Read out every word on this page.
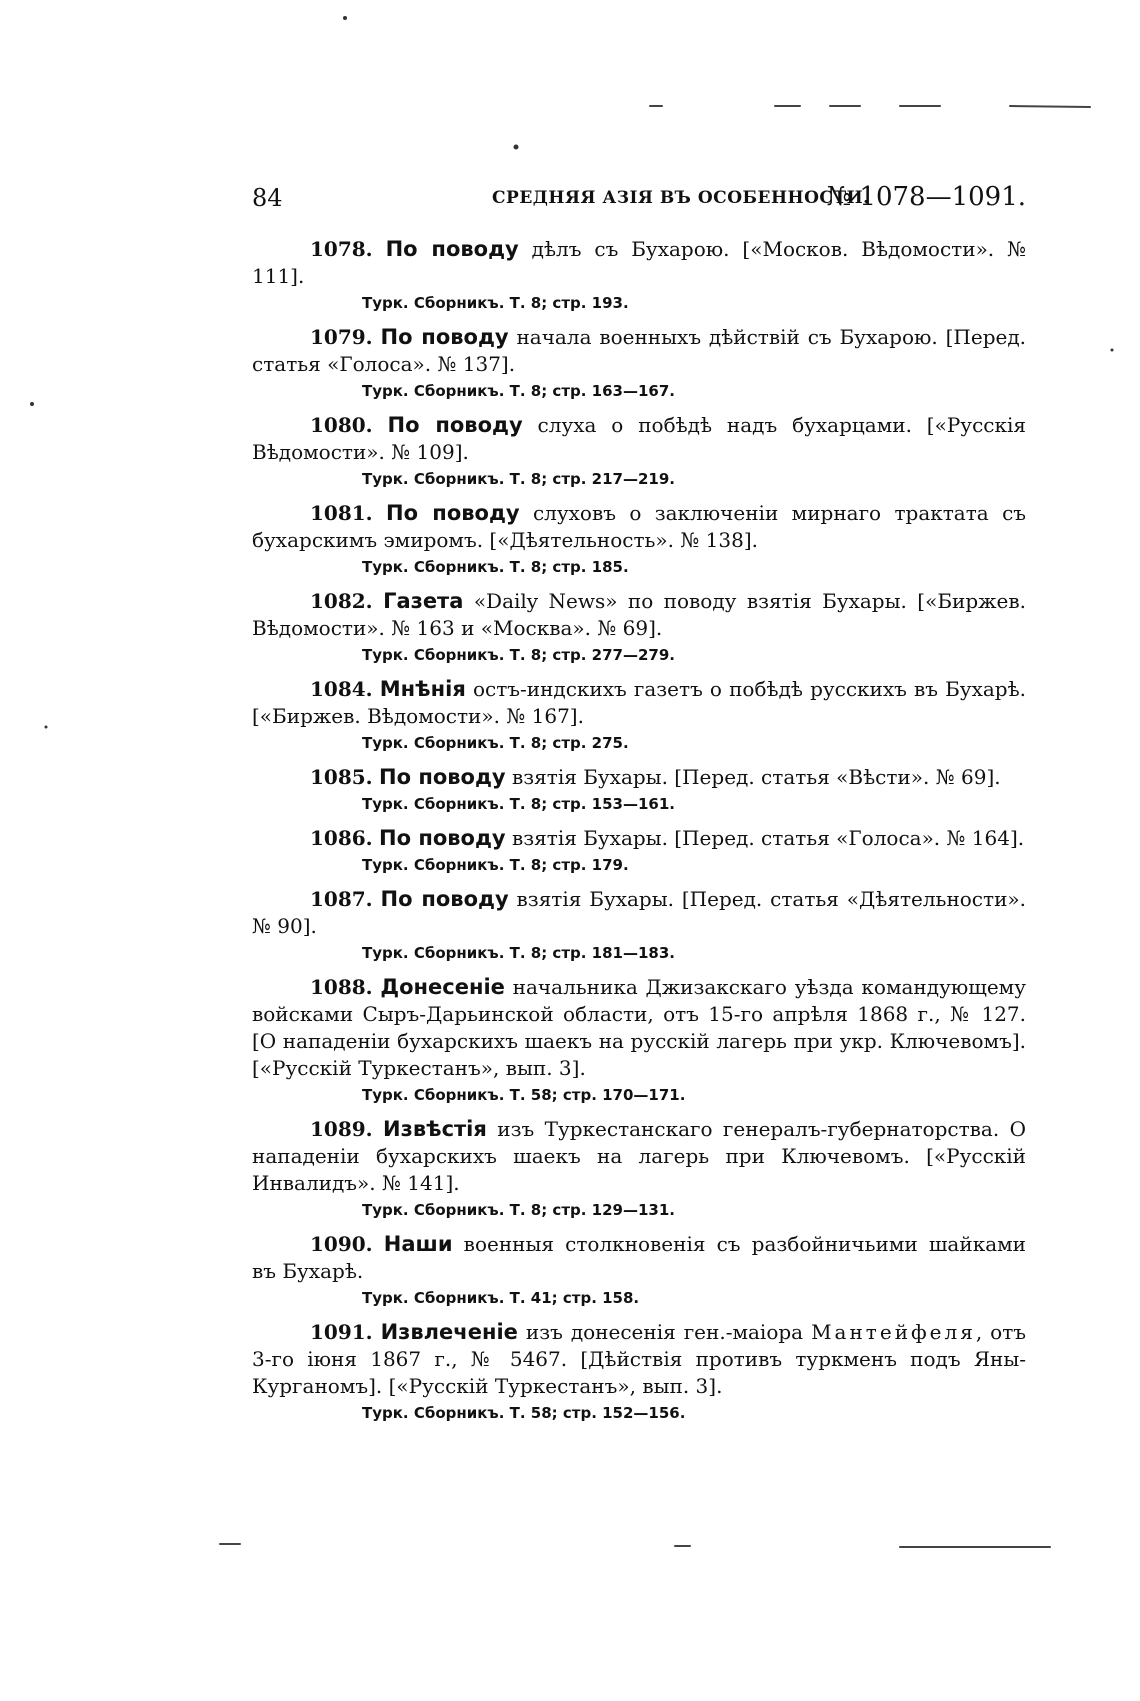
84	СРЕДНЯЯ АЗІЯ ВЪ ОСОБЕННОСТИ.
№ 1078—1091.

1078. По поводу дѣлъ съ Бухарою. [«Москов. Вѣдомости». № 111].

Турк. Сборникъ. Т. 8; стр. 193.

1079. По поводу начала военныхъ дѣйствій съ Бухарою. [Перед. статья «Голоса». № 137].

Турк. Сборникъ. Т. 8; стр. 163—167.

1080. По поводу слуха о побѣдѣ надъ бухарцами. [«Русскія Вѣдомости». № 109].

Турк. Сборникъ. Т. 8; стр. 217—219.

1081. По поводу слуховъ о заключеніи мирнаго трактата съ бухарскимъ эмиромъ. [«Дѣятельность». № 138].

Турк. Сборникъ. Т. 8; стр. 185.

1082. Газета «Daily News» по поводу взятія Бухары. [«Биржев. Вѣдомости». № 163 и «Москва». № 69].

Турк. Сборникъ. Т. 8; стр. 277—279.

1084. Мнѣнія остъ-индскихъ газетъ о побѣдѣ русскихъ въ Бухарѣ. [«Биржев. Вѣдомости». № 167].

Турк. Сборникъ. Т. 8; стр. 275.

1085. По поводу взятія Бухары. [Перед. статья «Вѣсти». № 69].

Турк. Сборникъ. Т. 8; стр. 153—161.

1086. По поводу взятія Бухары. [Перед. статья «Голоса». № 164].

Турк. Сборникъ. Т. 8; стр. 179.

1087. По поводу взятія Бухары. [Перед. статья «Дѣятельности». № 90].

Турк. Сборникъ. Т. 8; стр. 181—183.

1088. Донесеніе начальника Джизакскаго уѣзда командующему войсками Сыръ-Дарьинской области, отъ 15-го апрѣля 1868 г., № 127. [О нападеніи бухарскихъ шаекъ на русскій лагерь при укр. Ключевомъ]. [«Русскій Туркестанъ», вып. 3].

Турк. Сборникъ. Т. 58; стр. 170—171.

1089. Извѣстія изъ Туркестанскаго генералъ-губернаторства. О нападеніи бухарскихъ шаекъ на лагерь при Ключевомъ. [«Русскій Инвалидъ». № 141].

Турк. Сборникъ. Т. 8; стр. 129—131.

1090. Наши военныя столкновенія съ разбойничьими шайками въ Бухарѣ.

Турк. Сборникъ. Т. 41; стр. 158.

1091. Извлеченіе изъ донесенія ген.-маіора Мантейфеля, отъ 3-го іюня 1867 г., № 5467. [Дѣйствія противъ туркменъ подъ Яны-Курганомъ]. [«Русскій Туркестанъ», вып. 3].

Турк. Сборникъ. Т. 58; стр. 152—156.
